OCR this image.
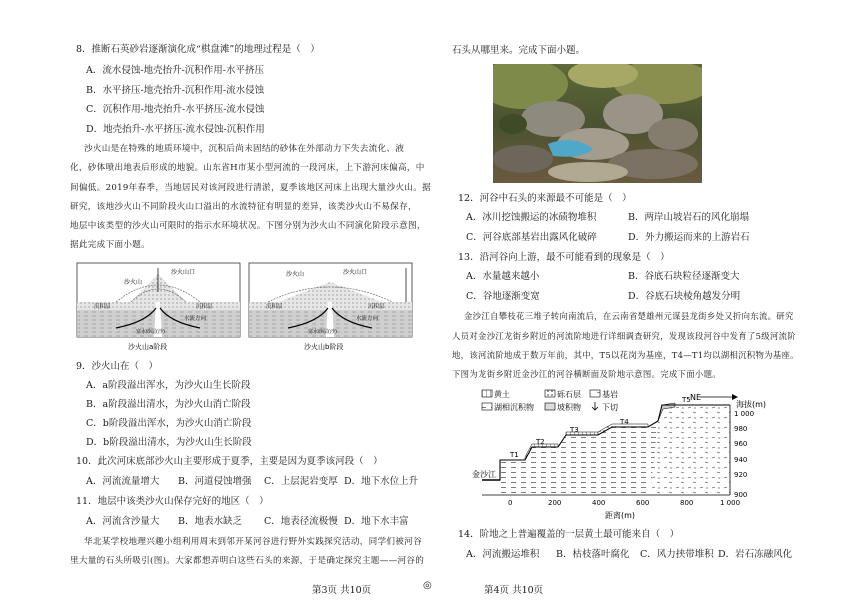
8．推断石英砂岩逐渐演化成“棋盘滩”的地理过程是（　）
A．流水侵蚀-地壳抬升-沉积作用-水平挤压
B．水平挤压-地壳抬升-沉积作用-流水侵蚀
C．沉积作用-地壳抬升-水平挤压-流水侵蚀
D．地壳抬升-水平挤压-流水侵蚀-沉积作用
沙火山是在特殊的地质环境中，沉积后尚未固结的砂体在外部动力下失去流化、液
化，砂体喷出地表后形成的地貌。山东省H市某小型河流的一段河床，上下游河床偏高，中
间偏低。2019年春季，当地居民对该河段进行清淤，夏季该地区河床上出现大量沙火山。据
研究，该地沙火山不同阶段火山口溢出的水流特征有明显的差异，该类沙火山不易保存，
地层中该类型的沙火山可限时的指示水环境状况。下图分别为沙火山不同演化阶段示意图，
据此完成下面小题。
沙火山口
沙火山
沉积层	沉积层
水流方向
富水砂层(沙)
沙火山口
沙火山
沉积层	沉积层
水流方向
富水砂层(沙)
沙火山a阶段	沙火山b阶段
9．沙火山在（　）
A．a阶段溢出浑水，为沙火山生长阶段
B．a阶段溢出清水，为沙火山消亡阶段
C．b阶段溢出浑水，为沙火山消亡阶段
D．b阶段溢出清水，为沙火山生长阶段
10．此次河床底部沙火山主要形成于夏季，主要是因为夏季该河段（　）
A．河流流量增大 B．河道侵蚀增强 C．上层泥岩变厚 D．地下水位上升
11．地层中该类沙火山保存完好的地区（　）
A．河流含沙量大 B．地表水缺乏 C．地表径流极慢 D．地下水丰富
华北某学校地理兴趣小组利用周末到邻开某河谷进行野外实践探究活动，同学们被河谷
里大量的石头所吸引(图)。大家都想弄明白这些石头的来源，于是确定探究主题——河谷的
第3页 共10页	◎	第4页 共10页
石头从哪里来。完成下面小题。
12．河谷中石头的来源最不可能是（　）
A．冰川挖蚀搬运的冰碛物堆积	B．两岸山坡岩石的风化崩塌
C．河谷底部基岩出露风化破碎	D．外力搬运而来的上游岩石
13．沿河谷向上游，最不可能看到的现象是（　）
A．水量越来越小	B．谷底石块粒径逐渐变大
C．谷地逐渐变宽	D．谷底石块棱角越发分明
金沙江自攀枝花三堆子转向南流后，在云南省楚雄州元谋县龙街乡处又折向东流。研究
人员对金沙江龙街乡附近的河流阶地进行详细调查研究，发现该段河谷中发育了5级河流阶
地，该河流阶地成于数万年前，其中，T5以花岗为基座，T4—T1均以湖相沉积物为基座。
下图为龙街乡附近金沙江的河谷横断面及阶地示意图。完成下面小题。
黄土	砾石层	基岩
湖相沉积物	坡积物	下切
NE
海拔(m)
T1
T2
T3
T4
T5
金沙江
1 000
980
960
940
920
900
0	200	400	600	800	1 000
距离(m)
14．阶地之上普遍覆盖的一层黄土最可能来自（　）
A．河流搬运堆积 B．枯枝落叶腐化 C．风力挟带堆积 D．岩石冻融风化
